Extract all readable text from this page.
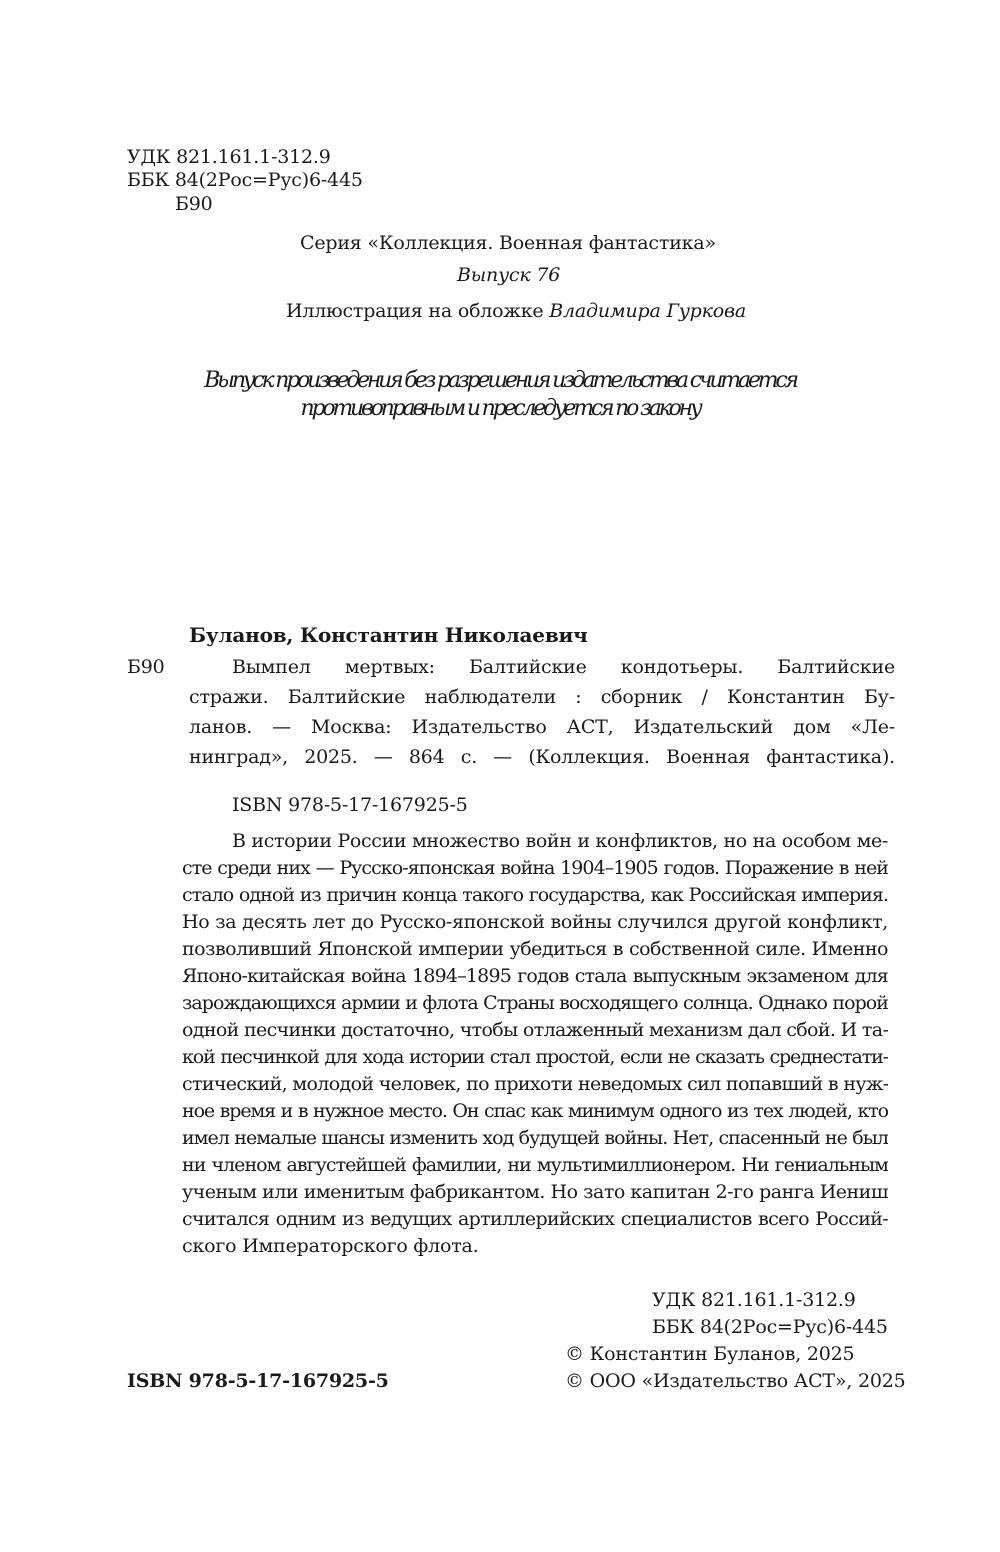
УДК 821.161.1-312.9
ББК 84(2Рос=Рус)6-445
Б90
Серия «Коллекция. Военная фантастика»
Выпуск 76
Иллюстрация на обложке Владимира Гуркова
Выпуск произведения без разрешения издательства считается
противоправным и преследуется по закону
Буланов, Константин Николаевич
Б90	Вымпел мертвых: Балтийские кондотьеры. Балтийские
стражи. Балтийские наблюдатели : сборник / Константин Бу-
ланов. — Москва: Издательство АСТ, Издательский дом «Ле-
нинград», 2025. — 864 с. — (Коллекция. Военная фантастика).
ISBN 978-5-17-167925-5
В истории России множество войн и конфликтов, но на особом ме-
сте среди них — Русско-японская война 1904–1905 годов. Поражение в ней
стало одной из причин конца такого государства, как Российская империя.
Но за десять лет до Русско-японской войны случился другой конфликт,
позволивший Японской империи убедиться в собственной силе. Именно
Японо-китайская война 1894–1895 годов стала выпускным экзаменом для
зарождающихся армии и флота Страны восходящего солнца. Однако порой
одной песчинки достаточно, чтобы отлаженный механизм дал сбой. И та-
кой песчинкой для хода истории стал простой, если не сказать среднестати-
стический, молодой человек, по прихоти неведомых сил попавший в нуж-
ное время и в нужное место. Он спас как минимум одного из тех людей, кто
имел немалые шансы изменить ход будущей войны. Нет, спасенный не был
ни членом августейшей фамилии, ни мультимиллионером. Ни гениальным
ученым или именитым фабрикантом. Но зато капитан 2-го ранга Иениш
считался одним из ведущих артиллерийских специалистов всего Россий-
ского Императорского флота.
УДК 821.161.1-312.9
ББК 84(2Рос=Рус)6-445
ISBN 978-5-17-167925-5
© Константин Буланов, 2025
© ООО «Издательство АСТ», 2025
